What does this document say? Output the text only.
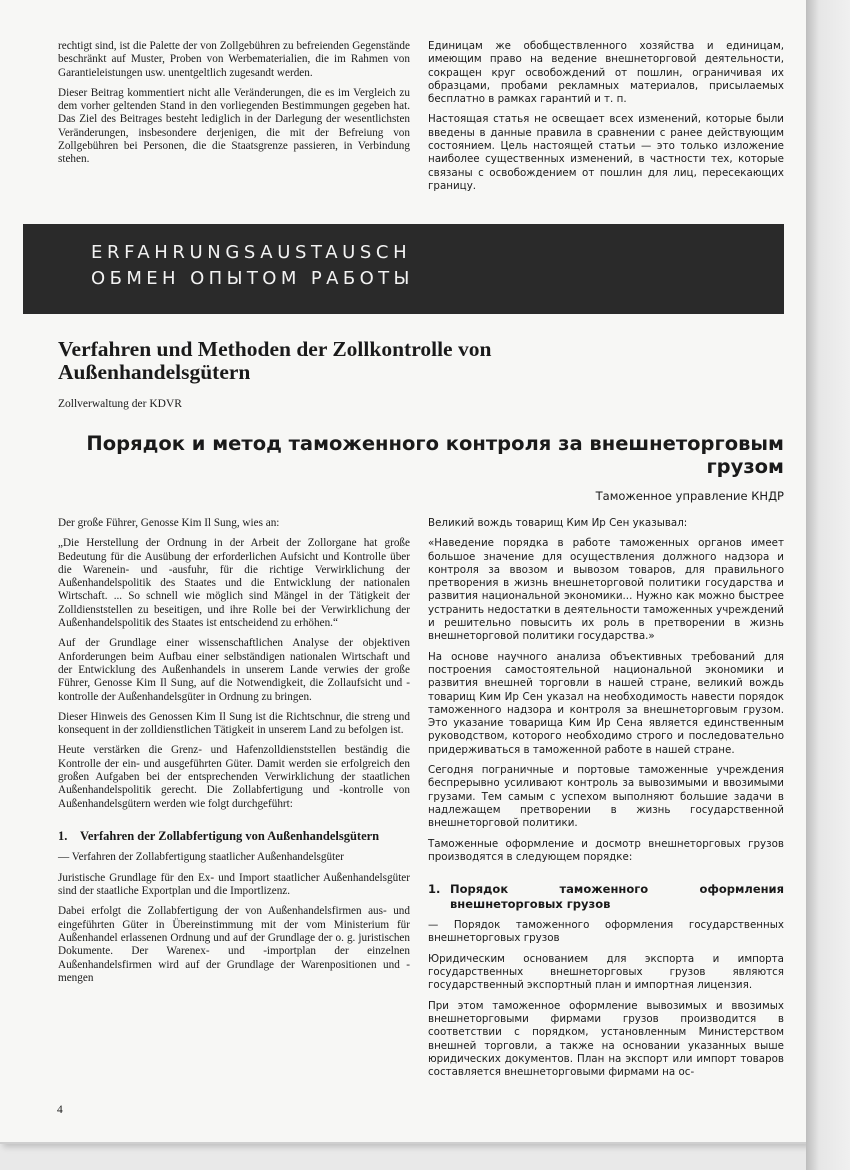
rechtigt sind, ist die Palette der von Zollgebühren zu befreienden Gegenstände beschränkt auf Muster, Proben von Werbematerialien, die im Rahmen von Garantieleistungen usw. unentgeltlich zugesandt werden.

Dieser Beitrag kommentiert nicht alle Veränderungen, die es im Vergleich zu dem vorher geltenden Stand in den vorliegenden Bestimmungen gegeben hat. Das Ziel des Beitrages besteht lediglich in der Darlegung der wesentlichsten Veränderungen, insbesondere derjenigen, die mit der Befreiung von Zollgebühren bei Personen, die die Staatsgrenze passieren, in Verbindung stehen.

Единицам же обобществленного хозяйства и единицам, имеющим право на ведение внешнеторговой деятельности, сокращен круг освобождений от пошлин, ограничивая их образцами, пробами рекламных материалов, присылаемых бесплатно в рамках гарантий и т. п.

Настоящая статья не освещает всех изменений, которые были введены в данные правила в сравнении с ранее действующим состоянием. Цель настоящей статьи — это только изложение наиболее существенных изменений, в частности тех, которые связаны с освобождением от пошлин для лиц, пересекающих границу.

ERFAHRUNGSAUSTAUSCH
ОБМЕН ОПЫТОМ РАБОТЫ
Verfahren und Methoden der Zollkontrolle von Außenhandelsgütern
Zollverwaltung der KDVR
Порядок и метод таможенного контроля за внешнеторговым грузом
Таможенное управление КНДР

Der große Führer, Genosse Kim Il Sung, wies an:

„Die Herstellung der Ordnung in der Arbeit der Zollorgane hat große Bedeutung für die Ausübung der erforderlichen Aufsicht und Kontrolle über die Warenein- und -ausfuhr, für die richtige Verwirklichung der Außenhandelspolitik des Staates und die Entwicklung der nationalen Wirtschaft. ... So schnell wie möglich sind Mängel in der Tätigkeit der Zolldienststellen zu beseitigen, und ihre Rolle bei der Verwirklichung der Außenhandelspolitik des Staates ist entscheidend zu erhöhen.“

Auf der Grundlage einer wissenschaftlichen Analyse der objektiven Anforderungen beim Aufbau einer selbständigen nationalen Wirtschaft und der Entwicklung des Außenhandels in unserem Lande verwies der große Führer, Genosse Kim Il Sung, auf die Notwendigkeit, die Zollaufsicht und -kontrolle der Außenhandelsgüter in Ordnung zu bringen.

Dieser Hinweis des Genossen Kim Il Sung ist die Richtschnur, die streng und konsequent in der zolldienstlichen Tätigkeit in unserem Land zu befolgen ist.

Heute verstärken die Grenz- und Hafenzolldienststellen beständig die Kontrolle der ein- und ausgeführten Güter. Damit werden sie erfolgreich den großen Aufgaben bei der entsprechenden Verwirklichung der staatlichen Außenhandelspolitik gerecht. Die Zollabfertigung und -kontrolle von Außenhandelsgütern werden wie folgt durchgeführt:

1.	Verfahren der Zollabfertigung von Außenhandelsgütern

— Verfahren der Zollabfertigung staatlicher Außenhandelsgüter

Juristische Grundlage für den Ex- und Import staatlicher Außenhandelsgüter sind der staatliche Exportplan und die Importlizenz.

Dabei erfolgt die Zollabfertigung der von Außenhandelsfirmen aus- und eingeführten Güter in Übereinstimmung mit der vom Ministerium für Außenhandel erlassenen Ordnung und auf der Grundlage der o. g. juristischen Dokumente. Der Warenex- und -importplan der einzelnen Außenhandelsfirmen wird auf der Grundlage der Warenpositionen und -mengen

Великий вождь товарищ Ким Ир Сен указывал:

«Наведение порядка в работе таможенных органов имеет большое значение для осуществления должного надзора и контроля за ввозом и вывозом товаров, для правильного претворения в жизнь внешнеторговой политики государства и развития национальной экономики... Нужно как можно быстрее устранить недостатки в деятельности таможенных учреждений и решительно повысить их роль в претворении в жизнь внешнеторговой политики государства.»

На основе научного анализа объективных требований для построения самостоятельной национальной экономики и развития внешней торговли в нашей стране, великий вождь товарищ Ким Ир Сен указал на необходимость навести порядок таможенного надзора и контроля за внешнеторговым грузом. Это указание товарища Ким Ир Сена является единственным руководством, которого необходимо строго и последовательно придерживаться в таможенной работе в нашей стране.

Сегодня пограничные и портовые таможенные учреждения беспрерывно усиливают контроль за вывозимыми и ввозимыми грузами. Тем самым с успехом выполняют большие задачи в надлежащем претворении в жизнь государственной внешнеторговой политики.

Таможенные оформление и досмотр внешнеторговых грузов производятся в следующем порядке:

1. Порядок таможенного оформления внешнеторговых грузов

— Порядок таможенного оформления государственных внешнеторговых грузов

Юридическим основанием для экспорта и импорта государственных внешнеторговых грузов являются государственный экспортный план и импортная лицензия.

При этом таможенное оформление вывозимых и ввозимых внешнеторговыми фирмами грузов производится в соответствии с порядком, установленным Министерством внешней торговли, а также на основании указанных выше юридических документов. План на экспорт или импорт товаров составляется внешнеторговыми фирмами на ос-

4
